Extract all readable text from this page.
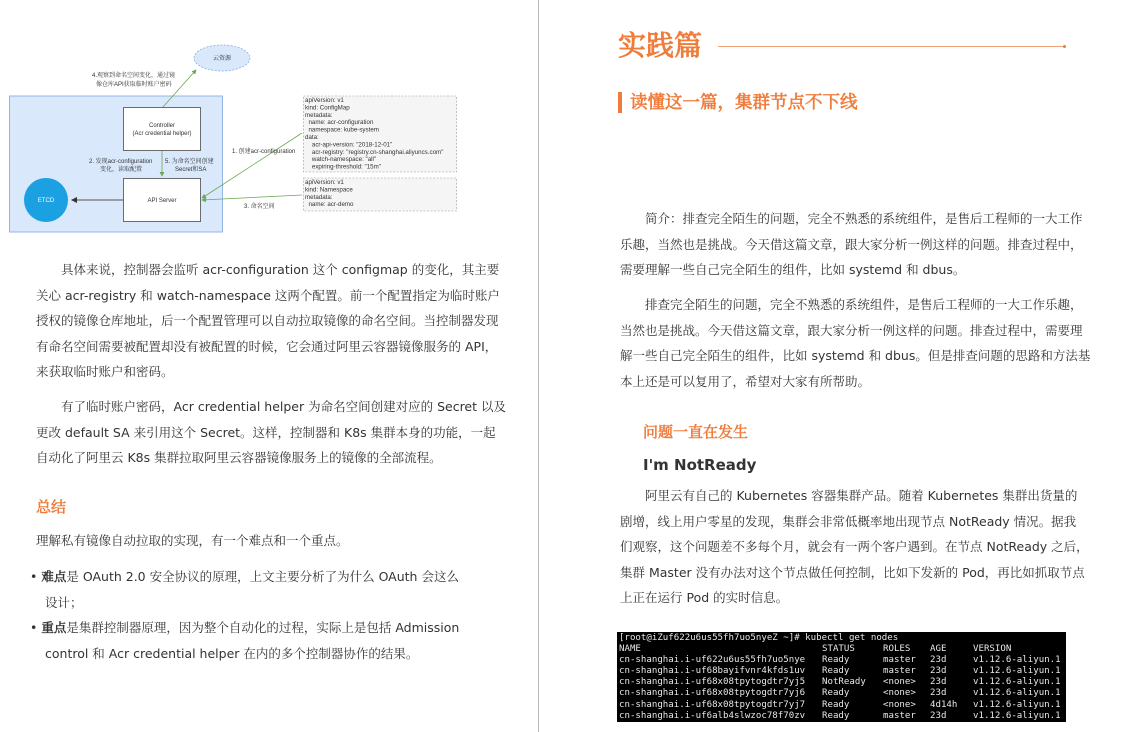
云资源
4.观察到命名空间变化，通过镜
像仓库API获取临时账户密码
Controller
(Acr credential helper)
2. 发现acr-configuration
变化，读取配置
5. 为命名空间创建
Secret和SA
API Server
ETCD
1. 创建acr-configuration
3. 命名空间
apiVersion: v1
kind: ConfigMap
metadata:
name: acr-configuration
namespace: kube-system
data:
acr-api-version: "2018-12-01"
acr-registry: "registry.cn-shanghai.aliyuncs.com"
watch-namespace: "all"
expiring-threshold: "15m"
apiVersion: v1
kind: Namespace
metadata:
name: acr-demo
　　具体来说，控制器会监听 acr-configuration 这个 configmap 的变化，其主要
关心 acr-registry 和 watch-namespace 这两个配置。前一个配置指定为临时账户
授权的镜像仓库地址，后一个配置管理可以自动拉取镜像的命名空间。当控制器发现
有命名空间需要被配置却没有被配置的时候，它会通过阿里云容器镜像服务的 API，
来获取临时账户和密码。
　　有了临时账户密码，Acr credential helper 为命名空间创建对应的 Secret 以及
更改 default SA 来引用这个 Secret。这样，控制器和 K8s 集群本身的功能，一起
自动化了阿里云 K8s 集群拉取阿里云容器镜像服务上的镜像的全部流程。
总结
理解私有镜像自动拉取的实现，有一个难点和一个重点。
• 难点是 OAuth 2.0 安全协议的原理，上文主要分析了为什么 OAuth 会这么
设计；
• 重点是集群控制器原理，因为整个自动化的过程，实际上是包括 Admission
control 和 Acr credential helper 在内的多个控制器协作的结果。
实践篇
读懂这一篇，集群节点不下线
　　简介：排查完全陌生的问题，完全不熟悉的系统组件，是售后工程师的一大工作
乐趣，当然也是挑战。今天借这篇文章，跟大家分析一例这样的问题。排查过程中，
需要理解一些自己完全陌生的组件，比如 systemd 和 dbus。
　　排查完全陌生的问题，完全不熟悉的系统组件，是售后工程师的一大工作乐趣，
当然也是挑战。今天借这篇文章，跟大家分析一例这样的问题。排查过程中，需要理
解一些自己完全陌生的组件，比如 systemd 和 dbus。但是排查问题的思路和方法基
本上还是可以复用了，希望对大家有所帮助。
问题一直在发生
I'm NotReady
　　阿里云有自己的 Kubernetes 容器集群产品。随着 Kubernetes 集群出货量的
剧增，线上用户零星的发现，集群会非常低概率地出现节点 NotReady 情况。据我
们观察，这个问题差不多每个月，就会有一两个客户遇到。在节点 NotReady 之后，
集群 Master 没有办法对这个节点做任何控制，比如下发新的 Pod，再比如抓取节点
上正在运行 Pod 的实时信息。
[root@iZuf622u6us55fh7uo5nyeZ ~]# kubectl get nodes
NAME	STATUS	ROLES	AGE	VERSION
cn-shanghai.i-uf622u6us55fh7uo5nye	Ready	master	23d	v1.12.6-aliyun.1
cn-shanghai.i-uf68bayifvnr4kfds1uv	Ready	master	23d	v1.12.6-aliyun.1
cn-shanghai.i-uf68x08tpytogdtr7yj5	NotReady	<none>	23d	v1.12.6-aliyun.1
cn-shanghai.i-uf68x08tpytogdtr7yj6	Ready	<none>	23d	v1.12.6-aliyun.1
cn-shanghai.i-uf68x08tpytogdtr7yj7	Ready	<none>	4d14h	v1.12.6-aliyun.1
cn-shanghai.i-uf6alb4slwzoc78f70zv	Ready	master	23d	v1.12.6-aliyun.1
